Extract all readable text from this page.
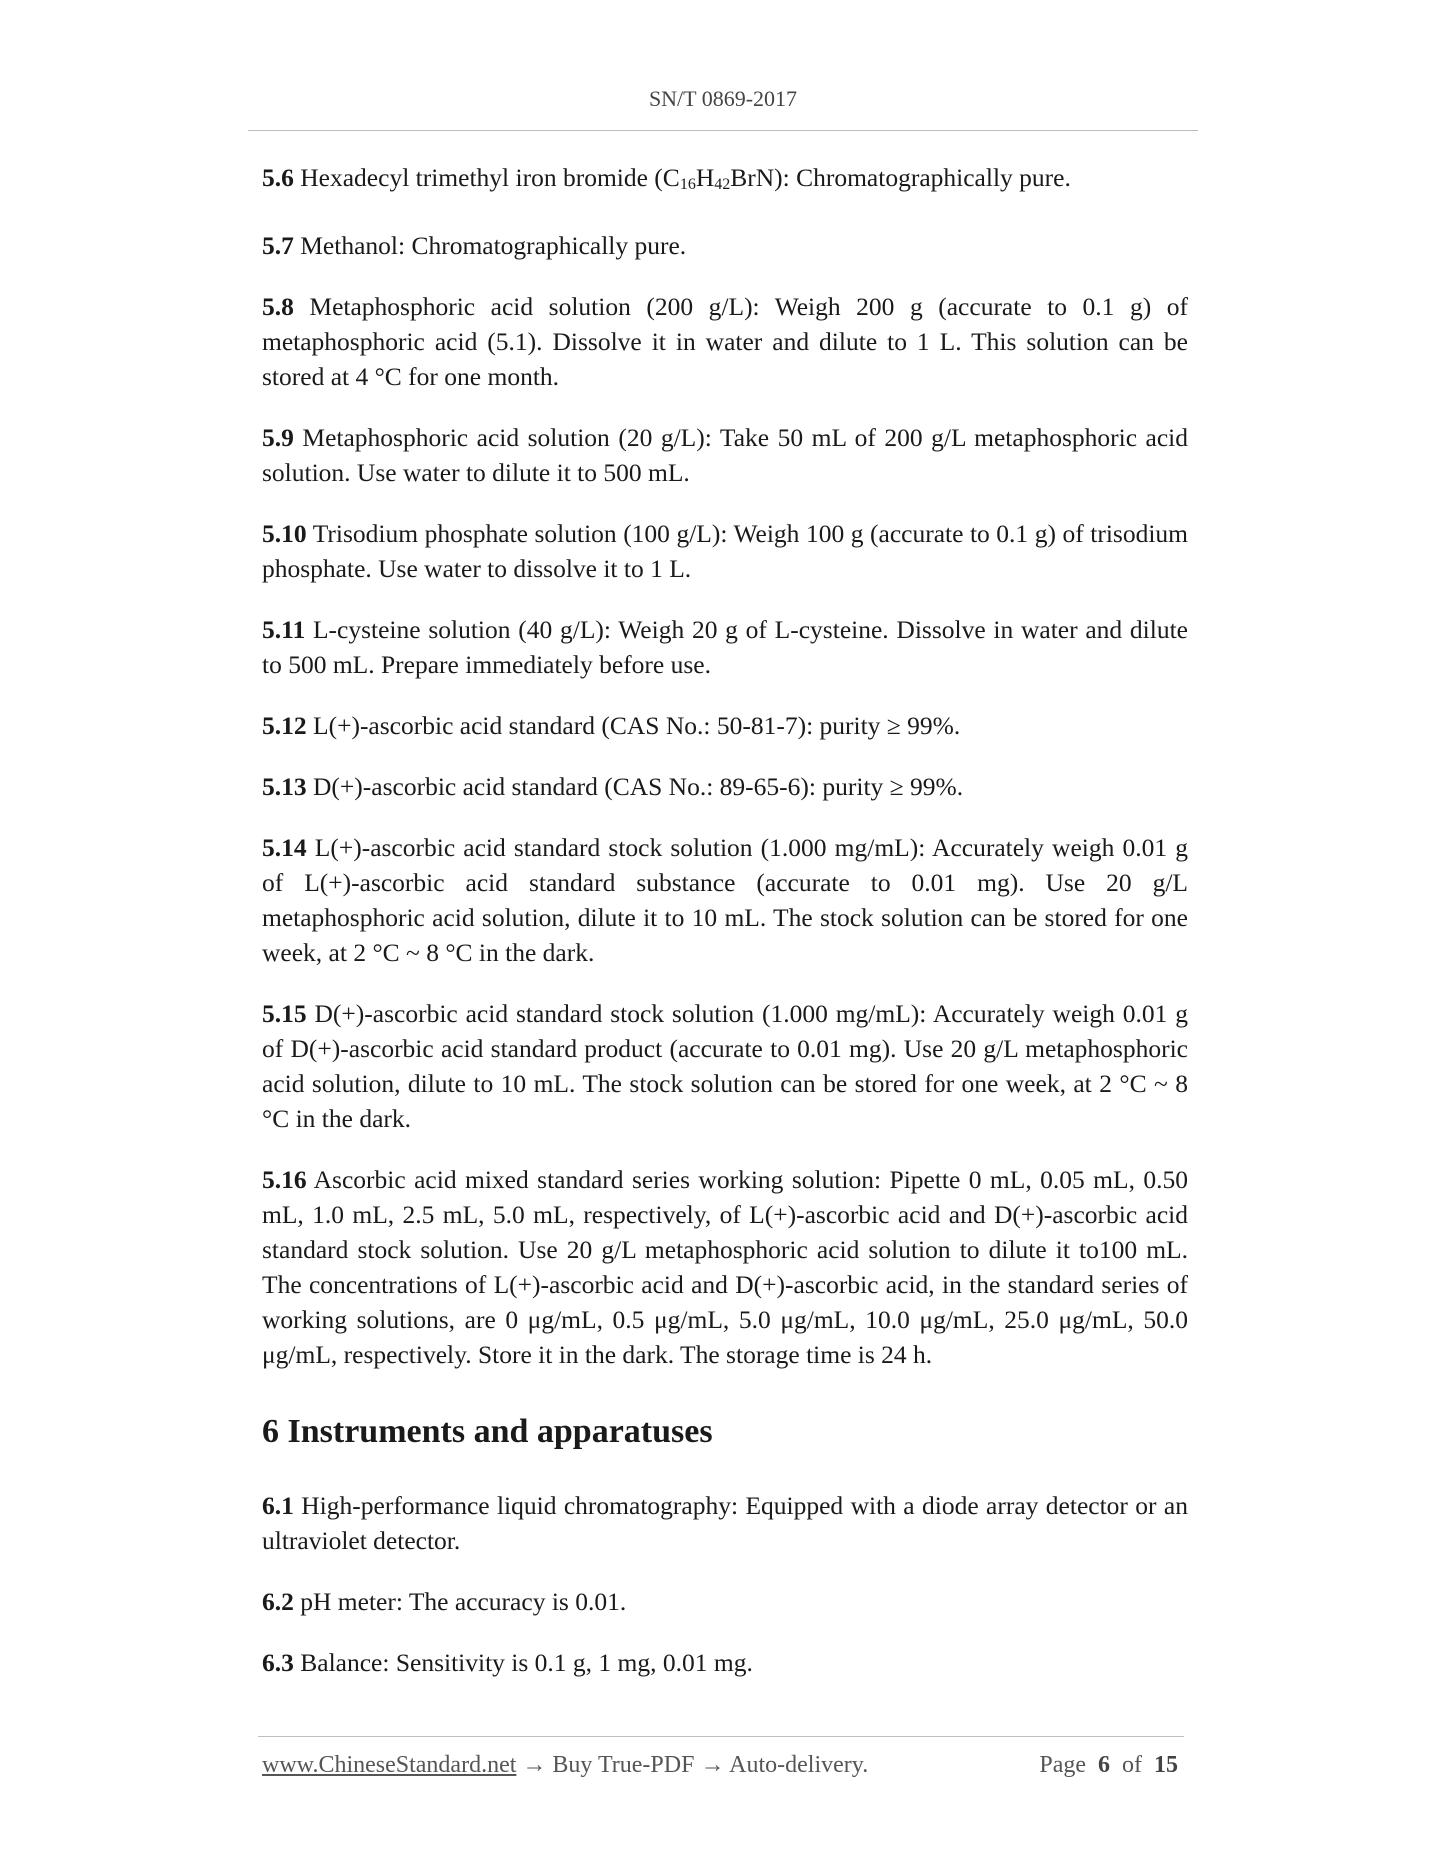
SN/T 0869-2017

5.6 Hexadecyl trimethyl iron bromide $(C_{16}H_{42}BrN)$: Chromatographically pure.

5.7 Methanol: Chromatographically pure.

5.8 Metaphosphoric acid solution (200 g/L): Weigh 200 g (accurate to 0.1 g) of metaphosphoric acid (5.1). Dissolve it in water and dilute to 1 L. This solution can be stored at 4 °C for one month.

5.9 Metaphosphoric acid solution (20 g/L): Take 50 mL of 200 g/L metaphosphoric acid solution. Use water to dilute it to 500 mL.

5.10 Trisodium phosphate solution (100 g/L): Weigh 100 g (accurate to 0.1 g) of trisodium phosphate. Use water to dissolve it to 1 L.

5.11 L-cysteine solution (40 g/L): Weigh 20 g of L-cysteine. Dissolve in water and dilute to 500 mL. Prepare immediately before use.

5.12 L(+)-ascorbic acid standard (CAS No.: 50-81-7): purity ≥ 99%.

5.13 D(+)-ascorbic acid standard (CAS No.: 89-65-6): purity ≥ 99%.

5.14 L(+)-ascorbic acid standard stock solution (1.000 mg/mL): Accurately weigh 0.01 g of L(+)-ascorbic acid standard substance (accurate to 0.01 mg). Use 20 g/L metaphosphoric acid solution, dilute it to 10 mL. The stock solution can be stored for one week, at 2 °C ~ 8 °C in the dark.

5.15 D(+)-ascorbic acid standard stock solution (1.000 mg/mL): Accurately weigh 0.01 g of D(+)-ascorbic acid standard product (accurate to 0.01 mg). Use 20 g/L metaphosphoric acid solution, dilute to 10 mL. The stock solution can be stored for one week, at 2 °C ~ 8 °C in the dark.

5.16 Ascorbic acid mixed standard series working solution: Pipette 0 mL, 0.05 mL, 0.50 mL, 1.0 mL, 2.5 mL, 5.0 mL, respectively, of L(+)-ascorbic acid and D(+)-ascorbic acid standard stock solution. Use 20 g/L metaphosphoric acid solution to dilute it to100 mL. The concentrations of L(+)-ascorbic acid and D(+)-ascorbic acid, in the standard series of working solutions, are 0 μg/mL, 0.5 μg/mL, 5.0 μg/mL, 10.0 μg/mL, 25.0 μg/mL, 50.0 μg/mL, respectively. Store it in the dark. The storage time is 24 h.

6 Instruments and apparatuses

6.1 High-performance liquid chromatography: Equipped with a diode array detector or an ultraviolet detector.

6.2 pH meter: The accuracy is 0.01.

6.3 Balance: Sensitivity is 0.1 g, 1 mg, 0.01 mg.

www.ChineseStandard.net → Buy True-PDF → Auto-delivery.	Page 6 of 15
